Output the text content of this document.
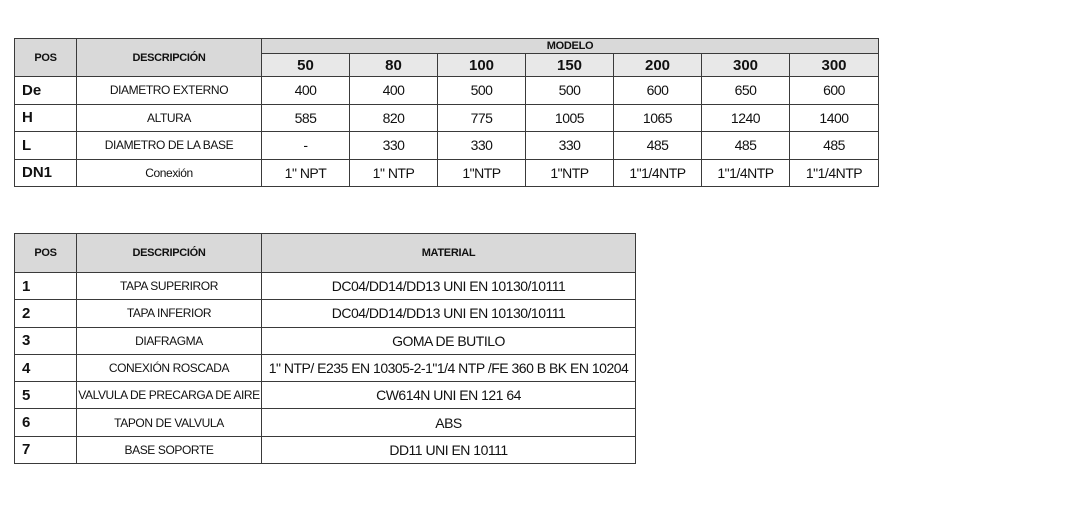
POS	DESCRIPCIÓN	MODELO						
		50	80	100	150	200	300	300
De	DIAMETRO EXTERNO	400	400	500	500	600	650	600
H	ALTURA	585	820	775	1005	1065	1240	1400
L	DIAMETRO DE LA BASE	-	330	330	330	485	485	485
DN1	Conexión	1" NPT	1" NTP	1"NTP	1"NTP	1"1/4NTP	1"1/4NTP	1"1/4NTP
POS	DESCRIPCIÓN	MATERIAL
1	TAPA SUPERIROR	DC04/DD14/DD13 UNI EN 10130/10111
2	TAPA INFERIOR	DC04/DD14/DD13 UNI EN 10130/10111
3	DIAFRAGMA	GOMA DE BUTILO
4	CONEXIÓN ROSCADA	1" NTP/ E235 EN 10305-2-1"1/4 NTP /FE 360 B BK EN 10204
5	VALVULA DE PRECARGA DE AIRE	CW614N UNI EN 121 64
6	TAPON DE VALVULA	ABS
7	BASE SOPORTE	DD11 UNI EN 10111
